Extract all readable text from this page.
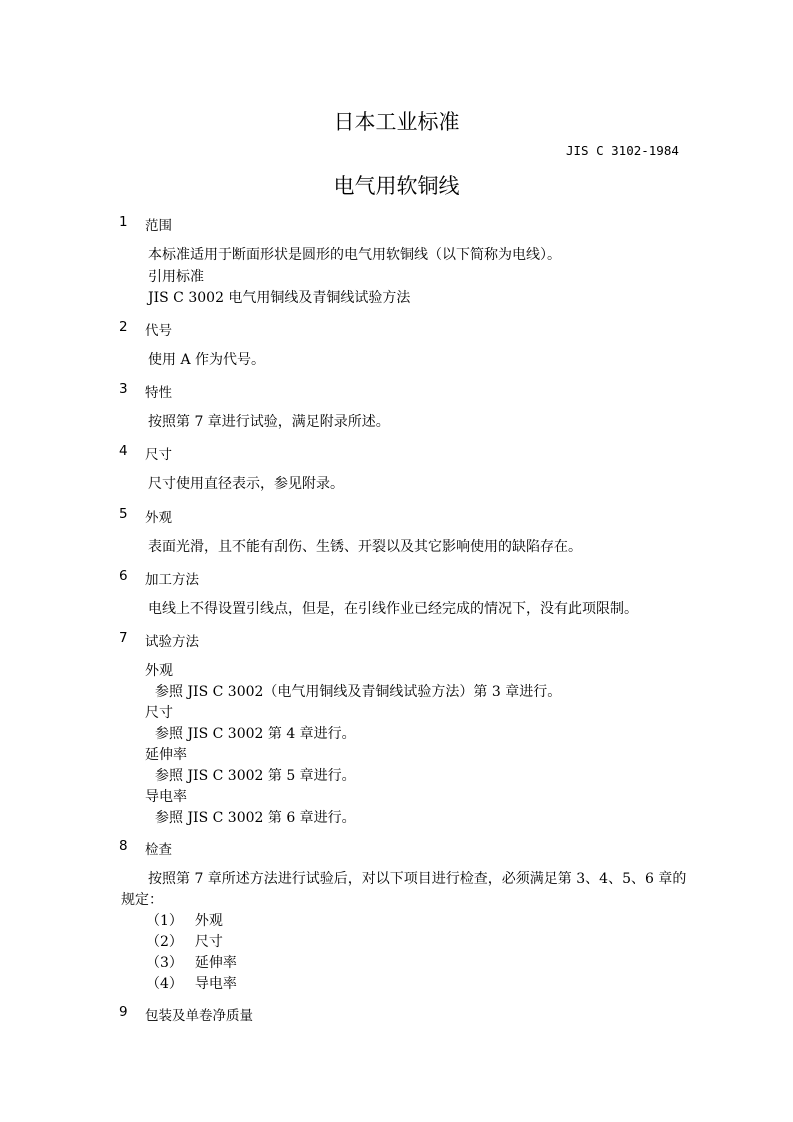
日本工业标准
JIS C 3102-1984
电气用软铜线
1 范围
本标准适用于断面形状是圆形的电气用软铜线（以下简称为电线）。
引用标准
JIS C 3002 电气用铜线及青铜线试验方法
2 代号
使用 A 作为代号。
3 特性
按照第 7 章进行试验，满足附录所述。
4 尺寸
尺寸使用直径表示，参见附录。
5 外观
表面光滑，且不能有刮伤、生锈、开裂以及其它影响使用的缺陷存在。
6 加工方法
电线上不得设置引线点，但是，在引线作业已经完成的情况下，没有此项限制。
7 试验方法
外观
参照 JIS C 3002（电气用铜线及青铜线试验方法）第 3 章进行。
尺寸
参照 JIS C 3002 第 4 章进行。
延伸率
参照 JIS C 3002 第 5 章进行。
导电率
参照 JIS C 3002 第 6 章进行。
8 检查
按照第 7 章所述方法进行试验后，对以下项目进行检查，必须满足第 3、4、5、6 章的
规定：
（1） 外观
（2） 尺寸
（3） 延伸率
（4） 导电率
9 包装及单卷净质量
